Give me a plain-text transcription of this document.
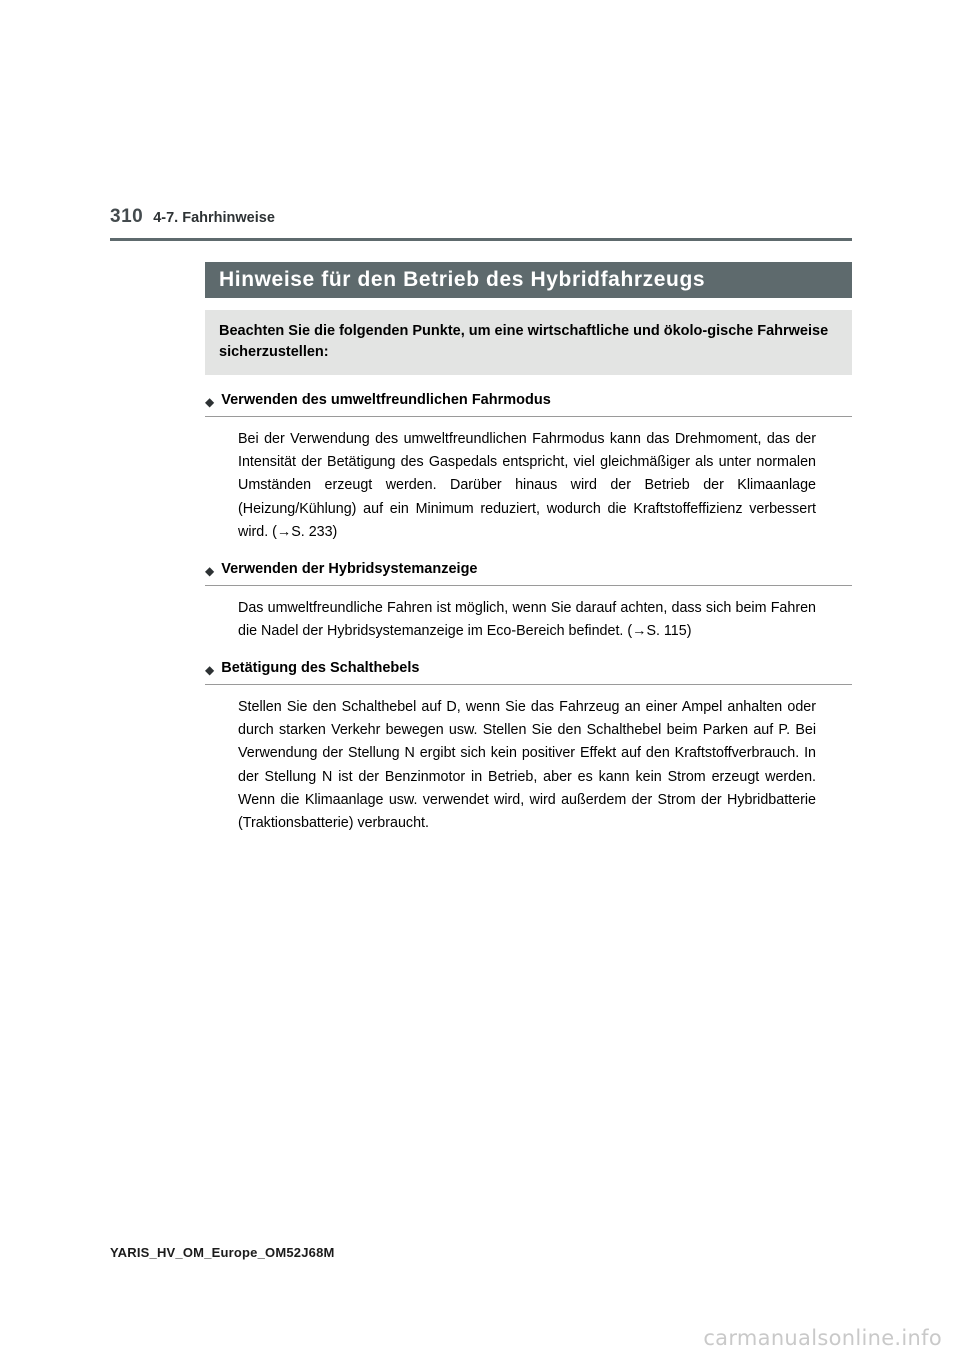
310 4-7. Fahrhinweise
Hinweise für den Betrieb des Hybridfahrzeugs

Beachten Sie die folgenden Punkte, um eine wirtschaftliche und ökolo-gische Fahrweise sicherzustellen:

◆ Verwenden des umweltfreundlichen Fahrmodus
Bei der Verwendung des umweltfreundlichen Fahrmodus kann das Drehmoment, das der Intensität der Betätigung des Gaspedals entspricht, viel gleichmäßiger als unter normalen Umständen erzeugt werden. Darüber hinaus wird der Betrieb der Klimaanlage (Heizung/Kühlung) auf ein Minimum reduziert, wodurch die Kraftstoffeffizienz verbessert wird. (→S. 233)
◆ Verwenden der Hybridsystemanzeige
Das umweltfreundliche Fahren ist möglich, wenn Sie darauf achten, dass sich beim Fahren die Nadel der Hybridsystemanzeige im Eco-Bereich befindet. (→S. 115)
◆ Betätigung des Schalthebels
Stellen Sie den Schalthebel auf D, wenn Sie das Fahrzeug an einer Ampel anhalten oder durch starken Verkehr bewegen usw. Stellen Sie den Schalthebel beim Parken auf P. Bei Verwendung der Stellung N ergibt sich kein positiver Effekt auf den Kraftstoffverbrauch. In der Stellung N ist der Benzinmotor in Betrieb, aber es kann kein Strom erzeugt werden. Wenn die Klimaanlage usw. verwendet wird, wird außerdem der Strom der Hybridbatterie (Traktionsbatterie) verbraucht.
YARIS_HV_OM_Europe_OM52J68M
carmanualsonline.info
